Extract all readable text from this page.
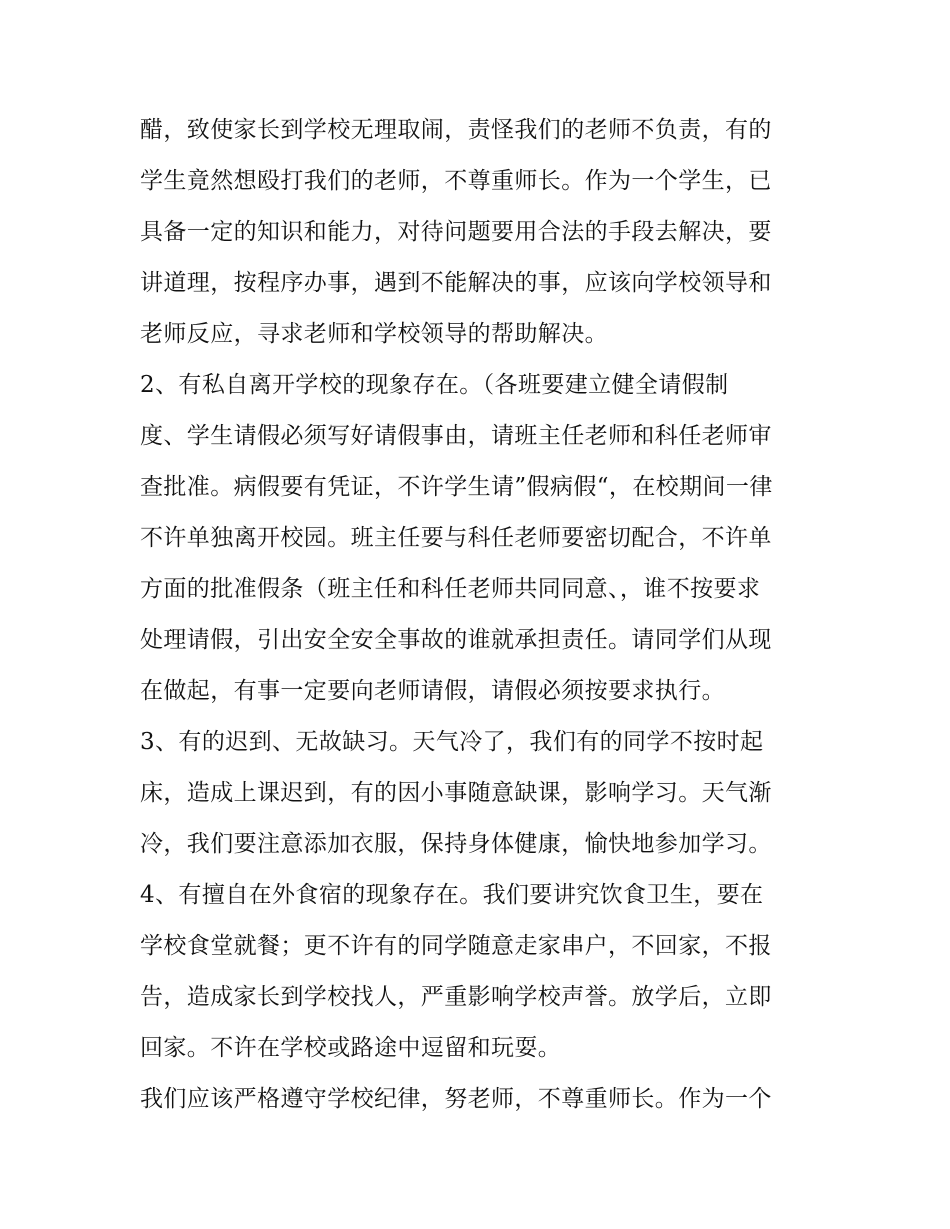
醋，致使家长到学校无理取闹，责怪我们的老师不负责，有的
学生竟然想殴打我们的老师，不尊重师长。作为一个学生，已
具备一定的知识和能力，对待问题要用合法的手段去解决，要
讲道理，按程序办事，遇到不能解决的事，应该向学校领导和
老师反应，寻求老师和学校领导的帮助解决。
2、有私自离开学校的现象存在。（各班要建立健全请假制
度、学生请假必须写好请假事由，请班主任老师和科任老师审
查批准。病假要有凭证，不许学生请”假病假“，在校期间一律
不许单独离开校园。班主任要与科任老师要密切配合，不许单
方面的批准假条（班主任和科任老师共同同意、，谁不按要求
处理请假，引出安全安全事故的谁就承担责任。请同学们从现
在做起，有事一定要向老师请假，请假必须按要求执行。
3、有的迟到、无故缺习。天气冷了，我们有的同学不按时起
床，造成上课迟到，有的因小事随意缺课，影响学习。天气渐
冷，我们要注意添加衣服，保持身体健康，愉快地参加学习。
4、有擅自在外食宿的现象存在。我们要讲究饮食卫生，要在
学校食堂就餐；更不许有的同学随意走家串户，不回家，不报
告，造成家长到学校找人，严重影响学校声誉。放学后，立即
回家。不许在学校或路途中逗留和玩耍。
我们应该严格遵守学校纪律，努老师，不尊重师长。作为一个
